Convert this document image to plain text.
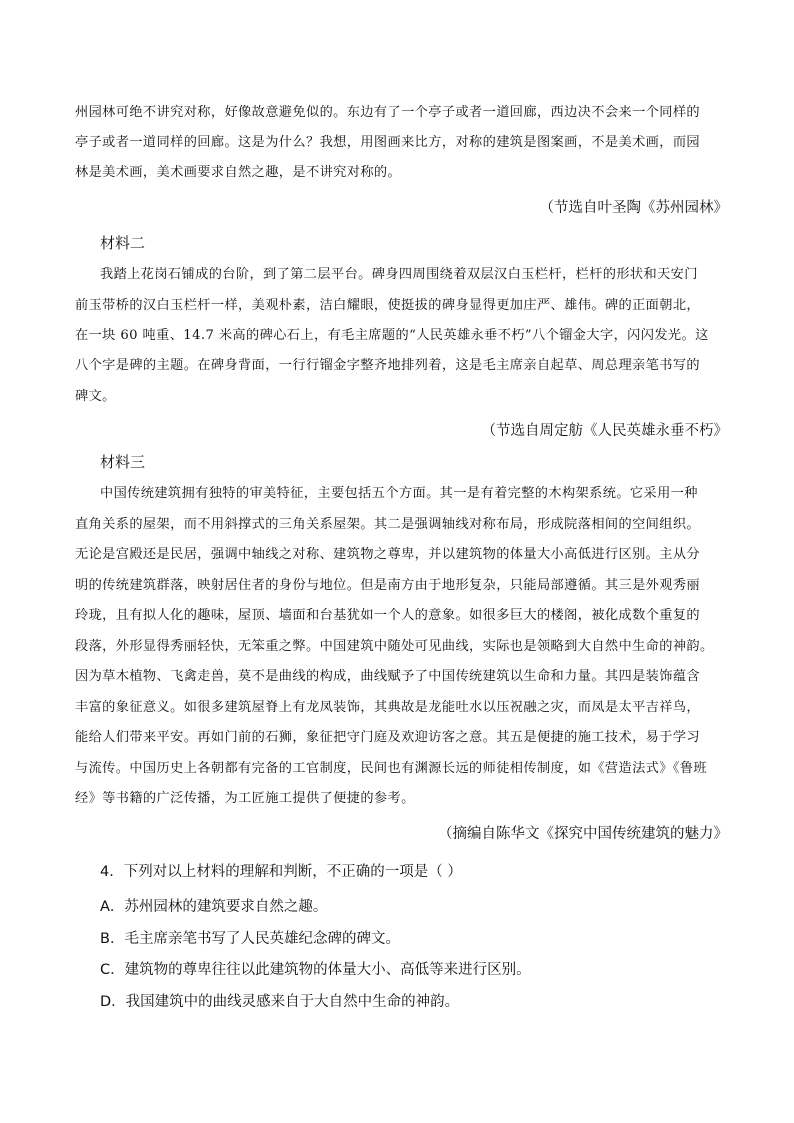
州园林可绝不讲究对称，好像故意避免似的。东边有了一个亭子或者一道回廊，西边决不会来一个同样的
亭子或者一道同样的回廊。这是为什么？我想，用图画来比方，对称的建筑是图案画，不是美术画，而园
林是美术画，美术画要求自然之趣，是不讲究对称的。
（节选自叶圣陶《苏州园林》
材料二
我踏上花岗石铺成的台阶，到了第二层平台。碑身四周围绕着双层汉白玉栏杆，栏杆的形状和天安门
前玉带桥的汉白玉栏杆一样，美观朴素，洁白耀眼，使挺拔的碑身显得更加庄严、雄伟。碑的正面朝北，
在一块 60 吨重、14.7 米高的碑心石上，有毛主席题的“人民英雄永垂不朽”八个镏金大字，闪闪发光。这
八个字是碑的主题。在碑身背面，一行行镏金字整齐地排列着，这是毛主席亲自起草、周总理亲笔书写的
碑文。
（节选自周定舫《人民英雄永垂不朽》
材料三
中国传统建筑拥有独特的审美特征，主要包括五个方面。其一是有着完整的木构架系统。它采用一种
直角关系的屋架，而不用斜撑式的三角关系屋架。其二是强调轴线对称布局，形成院落相间的空间组织。
无论是宫殿还是民居，强调中轴线之对称、建筑物之尊卑，并以建筑物的体量大小高低进行区别。主从分
明的传统建筑群落，映射居住者的身份与地位。但是南方由于地形复杂，只能局部遵循。其三是外观秀丽
玲珑，且有拟人化的趣味，屋顶、墙面和台基犹如一个人的意象。如很多巨大的楼阁，被化成数个重复的
段落，外形显得秀丽轻快，无笨重之弊。中国建筑中随处可见曲线，实际也是领略到大自然中生命的神韵。
因为草木植物、飞禽走兽，莫不是曲线的构成，曲线赋予了中国传统建筑以生命和力量。其四是装饰蕴含
丰富的象征意义。如很多建筑屋脊上有龙凤装饰，其典故是龙能吐水以压祝融之灾，而凤是太平吉祥鸟，
能给人们带来平安。再如门前的石狮，象征把守门庭及欢迎访客之意。其五是便捷的施工技术，易于学习
与流传。中国历史上各朝都有完备的工官制度，民间也有渊源长远的师徒相传制度，如《营造法式》《鲁班
经》等书籍的广泛传播，为工匠施工提供了便捷的参考。
（摘编自陈华文《探究中国传统建筑的魅力》
4．下列对以上材料的理解和判断，不正确的一项是（ ）
A．苏州园林的建筑要求自然之趣。
B．毛主席亲笔书写了人民英雄纪念碑的碑文。
C．建筑物的尊卑往往以此建筑物的体量大小、高低等来进行区别。
D．我国建筑中的曲线灵感来自于大自然中生命的神韵。
